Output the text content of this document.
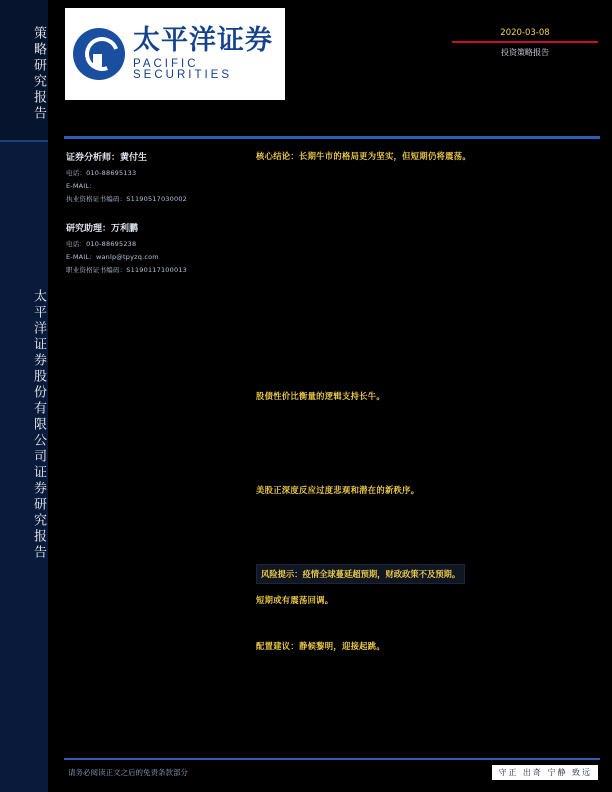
策略研究报告
太平洋证券股份有限公司证券研究报告
太平洋证券
PACIFIC SECURITIES
2020-03-08
投资策略报告
证券分析师：黄付生
电话：010-88695133
E-MAIL：
执业资格证书编码：S1190517030002
研究助理：万利鹏
电话：010-88695238
E-MAIL：wanlp@tpyzq.com
职业资格证书编码：S1190117100013
核心结论：长期牛市的格局更为坚实，但短期仍将震荡。
股债性价比衡量的逻辑支持长牛。
美股正深度反应过度悲观和潜在的新秩序。
短期或有震荡回调。
配置建议：静候黎明，迎接起跳。
风险提示：疫情全球蔓延超预期，财政政策不及预期。
请务必阅读正文之后的免责条款部分	守正 出奇 宁静 致远
